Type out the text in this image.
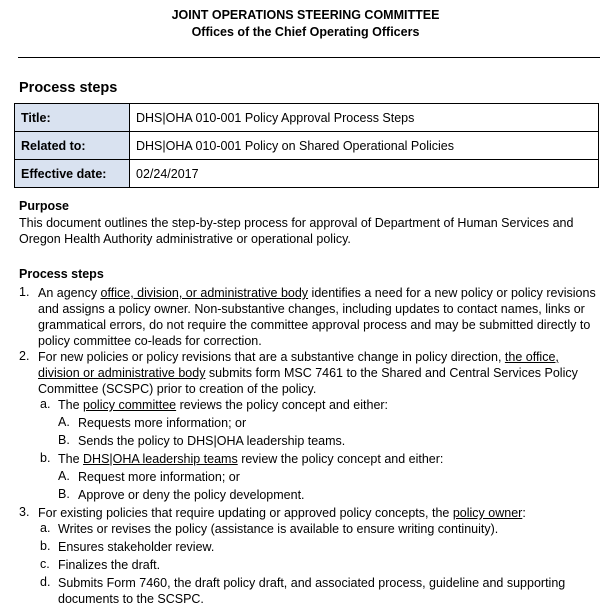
JOINT OPERATIONS STEERING COMMITTEE
Offices of the Chief Operating Officers
Process steps
Title:	DHS|OHA 010-001 Policy Approval Process Steps
Related to:	DHS|OHA 010-001 Policy on Shared Operational Policies
Effective date:	02/24/2017
Purpose
This document outlines the step-by-step process for approval of Department of Human Services and Oregon Health Authority administrative or operational policy.
Process steps
1. An agency office, division, or administrative body identifies a need for a new policy or policy revisions and assigns a policy owner. Non-substantive changes, including updates to contact names, links or grammatical errors, do not require the committee approval process and may be submitted directly to policy committee co-leads for correction.
2. For new policies or policy revisions that are a substantive change in policy direction, the office, division or administrative body submits form MSC 7461 to the Shared and Central Services Policy Committee (SCSPC) prior to creation of the policy.
a. The policy committee reviews the policy concept and either:
A. Requests more information; or
B. Sends the policy to DHS|OHA leadership teams.
b. The DHS|OHA leadership teams review the policy concept and either:
A. Request more information; or
B. Approve or deny the policy development.
3. For existing policies that require updating or approved policy concepts, the policy owner:
a. Writes or revises the policy (assistance is available to ensure writing continuity).
b. Ensures stakeholder review.
c. Finalizes the draft.
d. Submits Form 7460, the draft policy draft, and associated process, guideline and supporting documents to the SCSPC.
